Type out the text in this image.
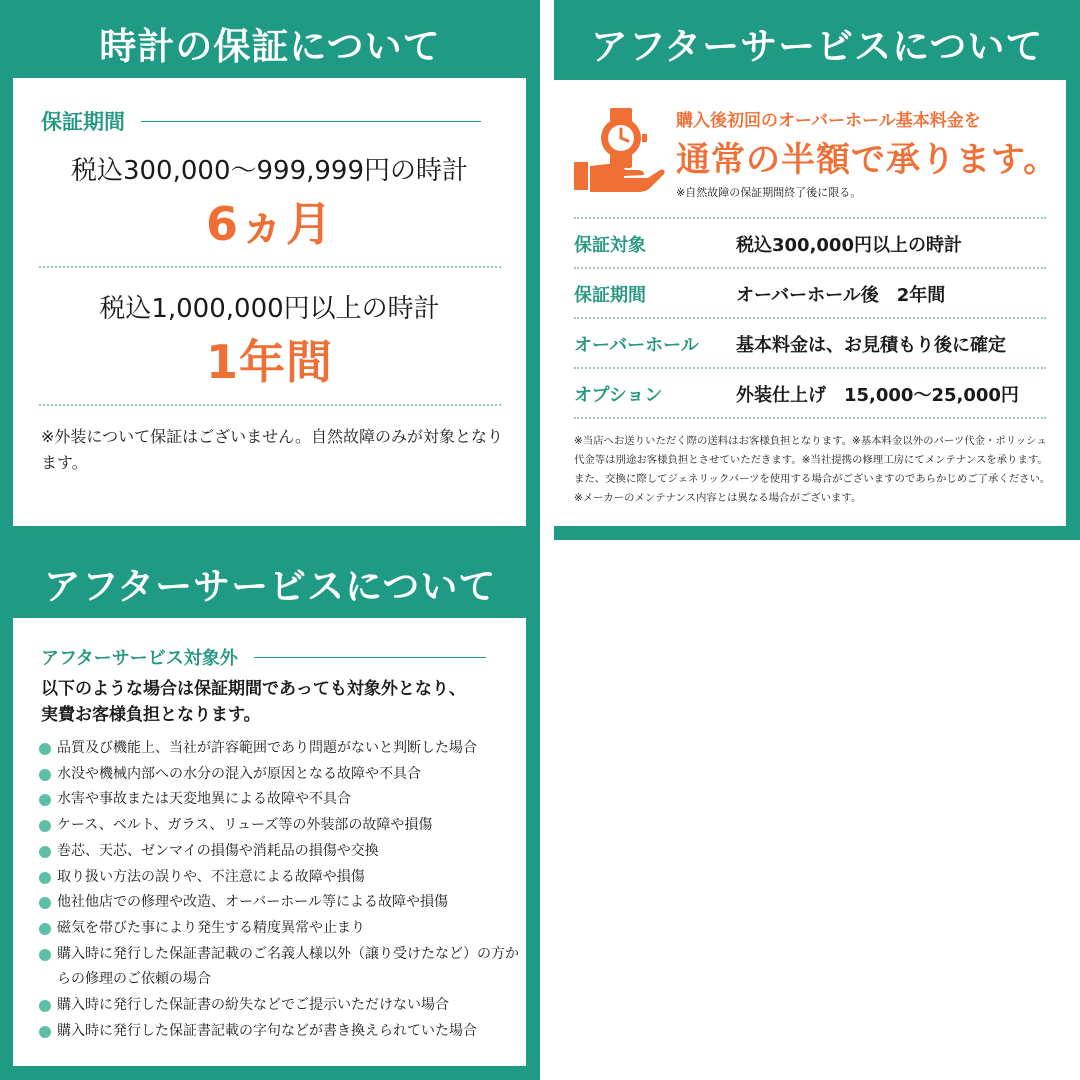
時計の保証について
保証期間
税込300,000〜999,999円の時計
6ヵ月
税込1,000,000円以上の時計
1年間
※外装について保証はございません。自然故障のみが対象となります。
アフターサービスについて
購入後初回のオーバーホール基本料金を
通常の半額で承ります。
※自然故障の保証期間終了後に限る。
保証対象	税込300,000円以上の時計
保証期間	オーバーホール後　2年間
オーバーホール	基本料金は、お見積もり後に確定
オプション	外装仕上げ　15,000〜25,000円
※当店へお送りいただく際の送料はお客様負担となります。※基本料金以外のパーツ代金・ポリッシュ代金等は別途お客様負担とさせていただきます。※当社提携の修理工房にてメンテナンスを承ります。また、交換に際してジェネリックパーツを使用する場合がございますのであらかじめご了承ください。※メーカーのメンテナンス内容とは異なる場合がございます。
アフターサービスについて
アフターサービス対象外
以下のような場合は保証期間であっても対象外となり、
実費お客様負担となります。
品質及び機能上、当社が許容範囲であり問題がないと判断した場合
水没や機械内部への水分の混入が原因となる故障や不具合
水害や事故または天変地異による故障や不具合
ケース、ベルト、ガラス、リューズ等の外装部の故障や損傷
巻芯、天芯、ゼンマイの損傷や消耗品の損傷や交換
取り扱い方法の誤りや、不注意による故障や損傷
他社他店での修理や改造、オーバーホール等による故障や損傷
磁気を帯びた事により発生する精度異常や止まり
購入時に発行した保証書記載のご名義人様以外（譲り受けたなど）の方からの修理のご依頼の場合
購入時に発行した保証書の紛失などでご提示いただけない場合
購入時に発行した保証書記載の字句などが書き換えられていた場合
